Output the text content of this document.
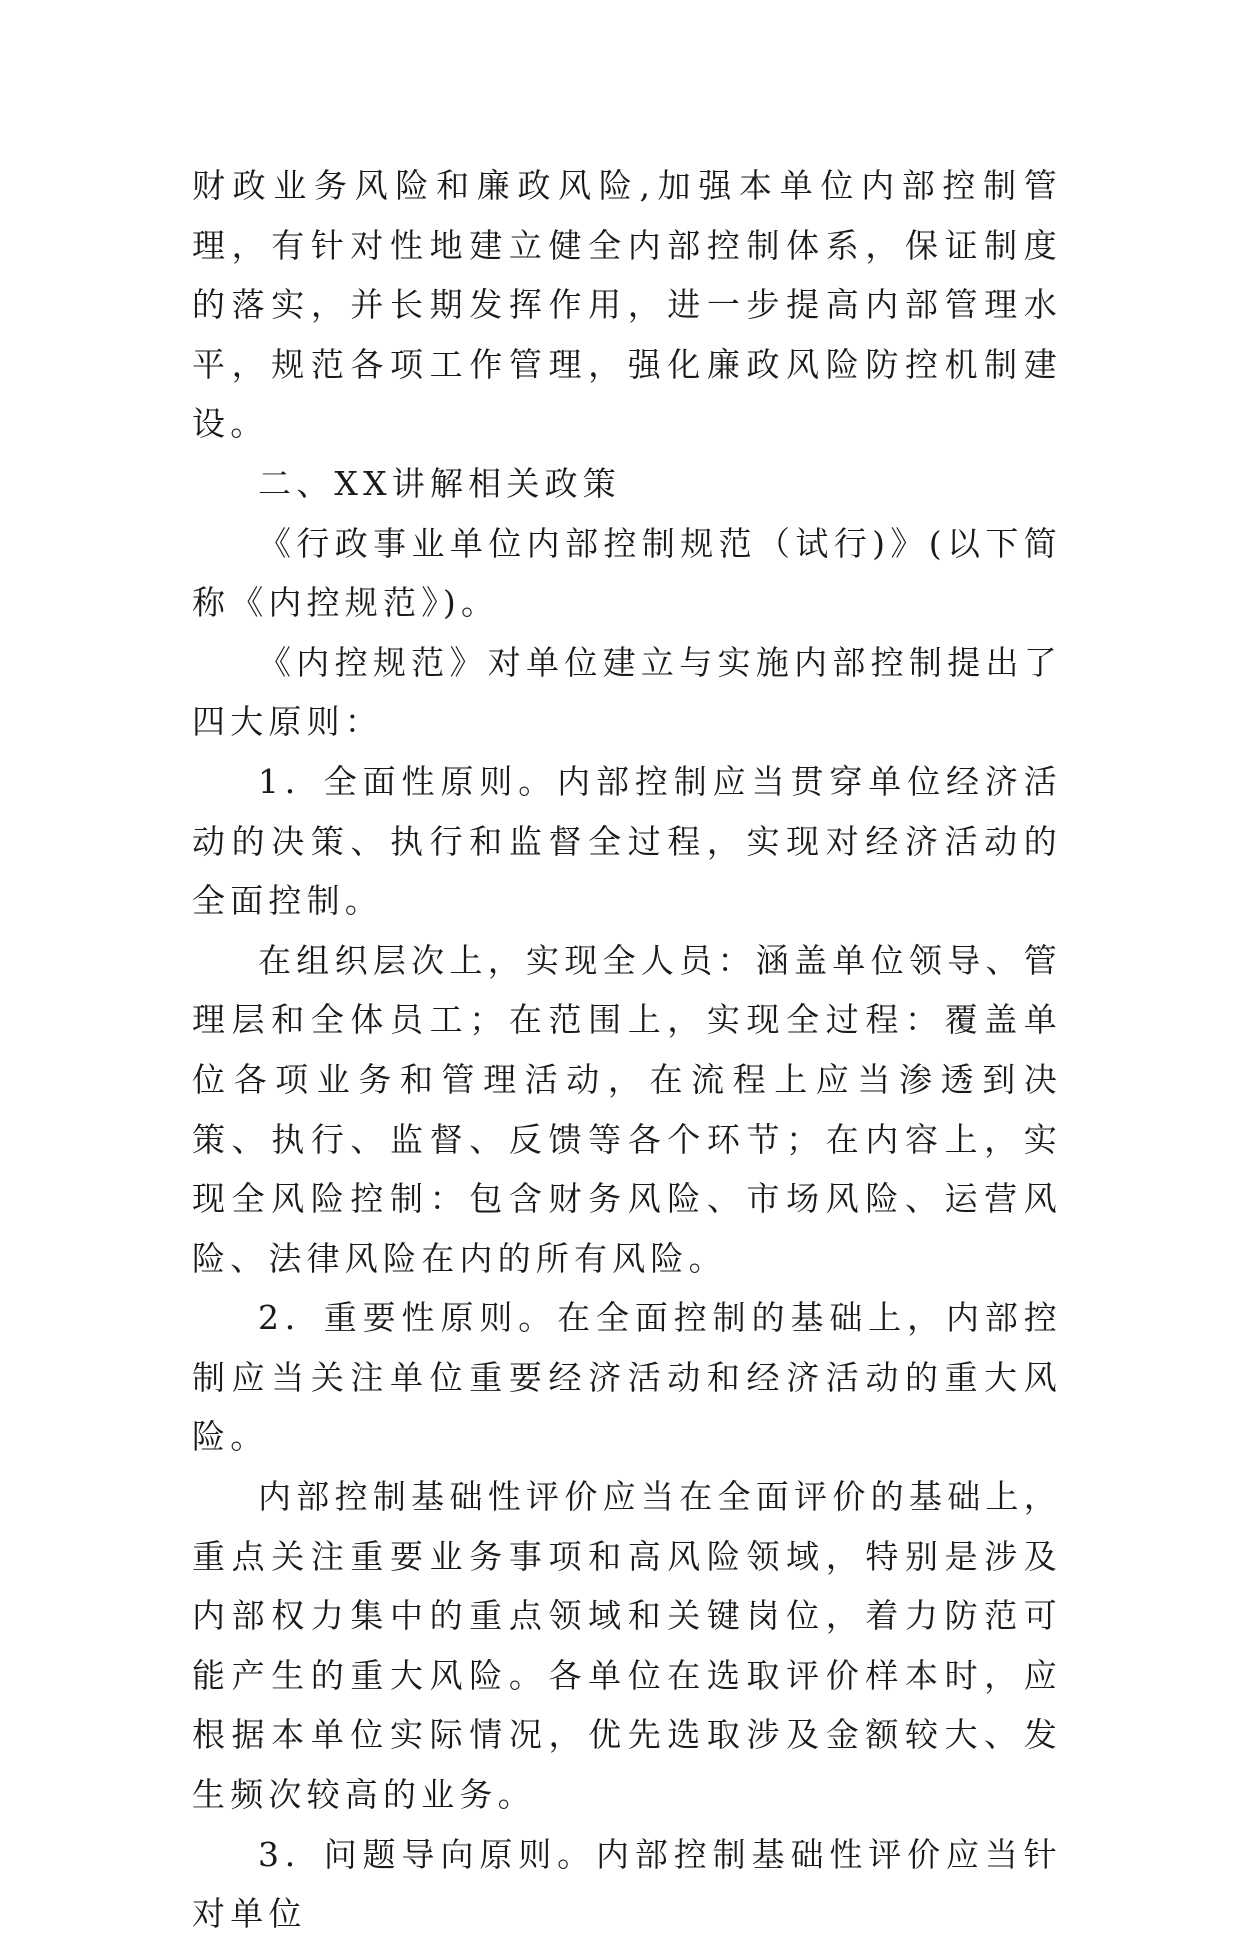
财政业务风险和廉政风险,加强本单位内部控制管理，有针对性地建立健全内部控制体系，保证制度的落实，并长期发挥作用，进一步提高内部管理水平，规范各项工作管理，强化廉政风险防控机制建设。

二、XX讲解相关政策

《行政事业单位内部控制规范（试行)》(以下简称《内控规范》)。

《内控规范》对单位建立与实施内部控制提出了四大原则：

1．全面性原则。内部控制应当贯穿单位经济活动的决策、执行和监督全过程，实现对经济活动的全面控制。

在组织层次上，实现全人员：涵盖单位领导、管理层和全体员工；在范围上，实现全过程：覆盖单位各项业务和管理活动，在流程上应当渗透到决策、执行、监督、反馈等各个环节；在内容上，实现全风险控制：包含财务风险、市场风险、运营风险、法律风险在内的所有风险。

2．重要性原则。在全面控制的基础上，内部控制应当关注单位重要经济活动和经济活动的重大风险。

内部控制基础性评价应当在全面评价的基础上，重点关注重要业务事项和高风险领域，特别是涉及内部权力集中的重点领域和关键岗位，着力防范可能产生的重大风险。各单位在选取评价样本时，应根据本单位实际情况，优先选取涉及金额较大、发生频次较高的业务。

3．问题导向原则。内部控制基础性评价应当针对单位
